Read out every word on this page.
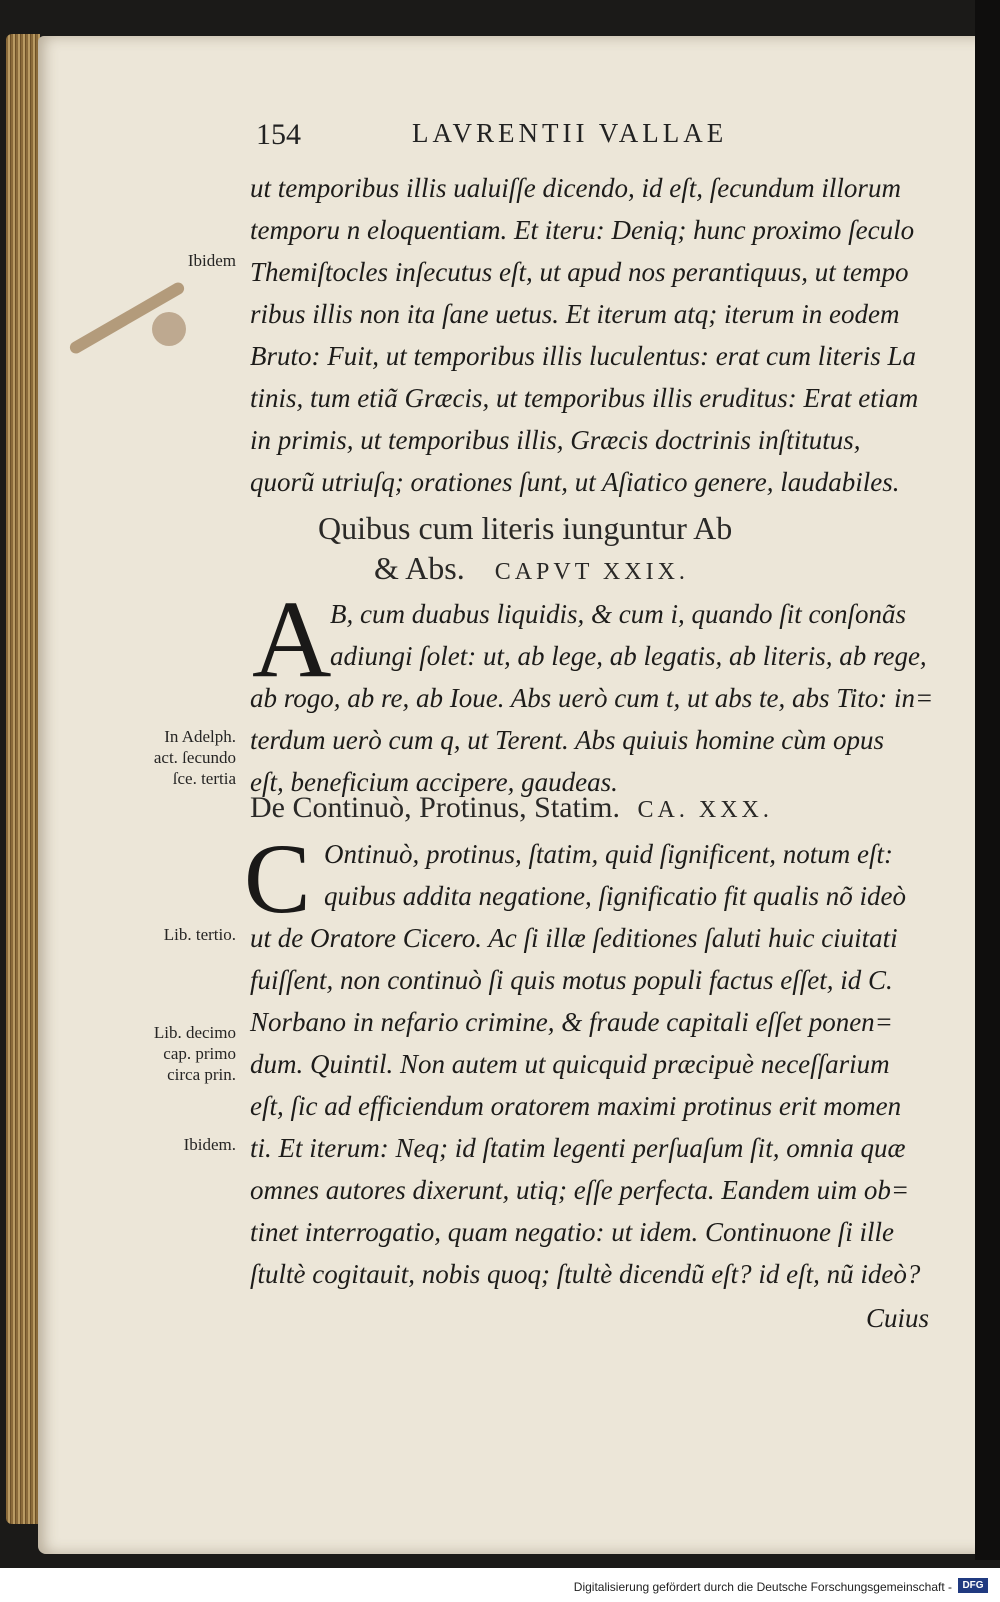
154	LAVRENTII VALLAE
ut temporibus illis ualuiſſe dicendo, id eſt, ſecundum illorum
temporu n eloquentiam. Et iteru: Deniq; hunc proximo ſeculo
Themiſtocles inſecutus eſt, ut apud nos perantiquus, ut tempo
ribus illis non ita ſane uetus. Et iterum atq; iterum in eodem
Bruto: Fuit, ut temporibus illis luculentus: erat cum literis La
tinis, tum etiã Græcis, ut temporibus illis eruditus: Erat etiam
in primis, ut temporibus illis, Græcis doctrinis inſtitutus,
quorũ utriuſq; orationes ſunt, ut Aſiatico genere, laudabiles.
Quibus cum literis iunguntur Ab
& Abs. CAPVT XXIX.
A
B, cum duabus liquidis, & cum i, quando ſit conſonãs
adiungi ſolet: ut, ab lege, ab legatis, ab literis, ab rege,
ab rogo, ab re, ab Ioue. Abs uerò cum t, ut abs te, abs Tito: in=
terdum uerò cum q, ut Terent. Abs quiuis homine cùm opus
eſt, beneficium accipere, gaudeas.
De Continuò, Protinus, Statim. CA. XXX.
C Ontinuò, protinus, ſtatim, quid ſignificent, notum eſt:
quibus addita negatione, ſignificatio fit qualis nõ ideò
ut de Oratore Cicero. Ac ſi illæ ſeditiones ſaluti huic ciuitati
fuiſſent, non continuò ſi quis motus populi factus eſſet, id C.
Norbano in nefario crimine, & fraude capitali eſſet ponen=
dum. Quintil. Non autem ut quicquid præcipuè neceſſarium
eſt, ſic ad efficiendum oratorem maximi protinus erit momen
ti. Et iterum: Neq; id ſtatim legenti perſuaſum ſit, omnia quæ
omnes autores dixerunt, utiq; eſſe perfecta. Eandem uim ob=
tinet interrogatio, quam negatio: ut idem. Continuone ſi ille
ſtultè cogitauit, nobis quoq; ſtultè dicendũ eſt? id eſt, nũ ideò?
Cuius
Ibidem
In Adelph.
act. ſecundo
ſce. tertia
Lib. tertio.
Lib. decimo
cap. primo
circa prin.
Ibidem.
Digitalisierung gefördert durch die Deutsche Forschungsgemeinschaft -	DFG
